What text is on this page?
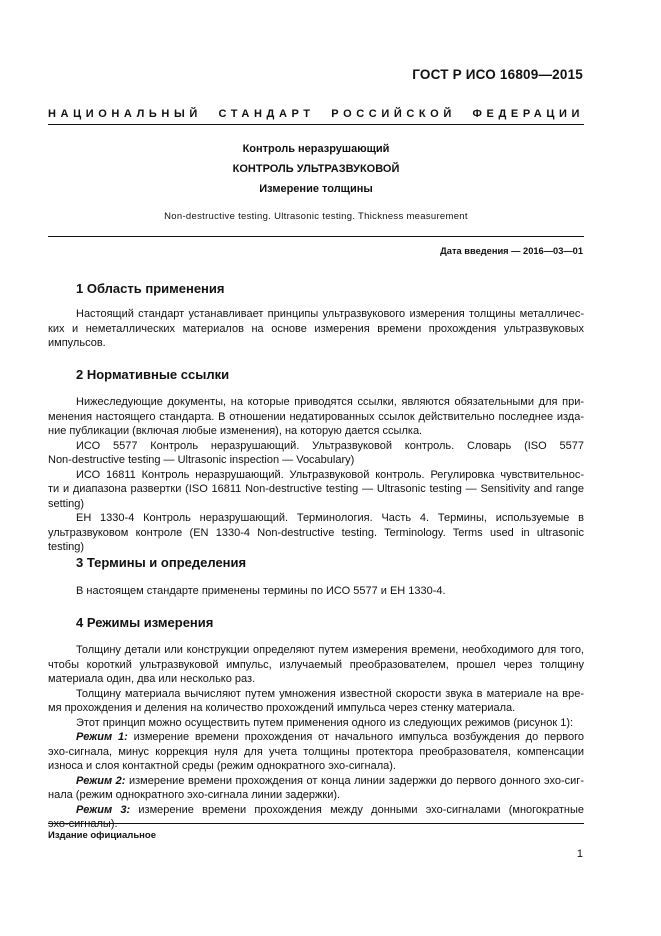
ГОСТ Р ИСО 16809—2015
НАЦИОНАЛЬНЫЙ СТАНДАРТ РОССИЙСКОЙ ФЕДЕРАЦИИ
Контроль неразрушающий
КОНТРОЛЬ УЛЬТРАЗВУКОВОЙ
Измерение толщины
Non-destructive testing. Ultrasonic testing. Thickness measurement
Дата введения — 2016—03—01
1 Область применения
Настоящий стандарт устанавливает принципы ультразвукового измерения толщины металличес-
ких и неметаллических материалов на основе измерения времени прохождения ультразвуковых
импульсов.
2 Нормативные ссылки
Нижеследующие документы, на которые приводятся ссылки, являются обязательными для при-
менения настоящего стандарта. В отношении недатированных ссылок действительно последнее изда-
ние публикации (включая любые изменения), на которую дается ссылка.
ИСО 5577 Контроль неразрушающий. Ультразвуковой контроль. Словарь (ISO 5577
Non-destructive testing — Ultrasonic inspection — Vocabulary)
ИСО 16811 Контроль неразрушающий. Ультразвуковой контроль. Регулировка чувствительнос-
ти и диапазона развертки (ISO 16811 Non-destructive testing — Ultrasonic testing — Sensitivity and range
setting)
ЕН 1330-4 Контроль неразрушающий. Терминология. Часть 4. Термины, используемые в
ультразвуковом контроле (EN 1330-4 Non-destructive testing. Terminology. Terms used in ultrasonic
testing)
3 Термины и определения
В настоящем стандарте применены термины по ИСО 5577 и ЕН 1330-4.
4 Режимы измерения
Толщину детали или конструкции определяют путем измерения времени, необходимого для того,
чтобы короткий ультразвуковой импульс, излучаемый преобразователем, прошел через толщину
материала один, два или несколько раз.
Толщину материала вычисляют путем умножения известной скорости звука в материале на вре-
мя прохождения и деления на количество прохождений импульса через стенку материала.
Этот принцип можно осуществить путем применения одного из следующих режимов (рисунок 1):
Режим 1: измерение времени прохождения от начального импульса возбуждения до первого
эхо-сигнала, минус коррекция нуля для учета толщины протектора преобразователя, компенсации
износа и слоя контактной среды (режим однократного эхо-сигнала).
Режим 2: измерение времени прохождения от конца линии задержки до первого донного эхо-сиг-
нала (режим однократного эхо-сигнала линии задержки).
Режим 3: измерение времени прохождения между донными эхо-сигналами (многократные
эхо-сигналы).
Издание официальное
1
